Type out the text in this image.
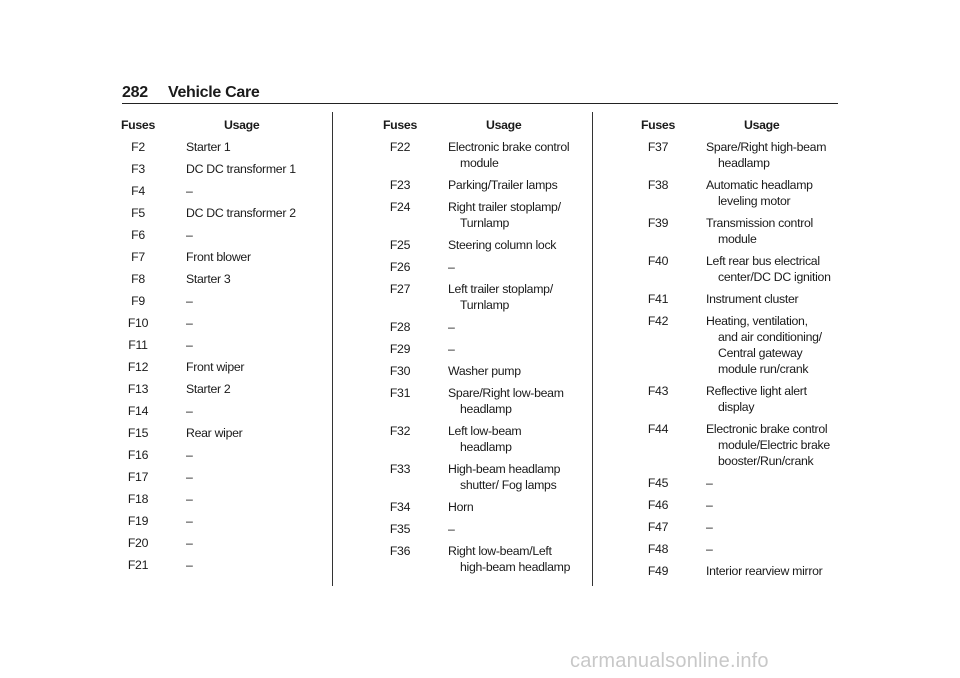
282 Vehicle Care
Fuses	Usage
F2	Starter 1
F3	DC DC transformer 1
F4	–
F5	DC DC transformer 2
F6	–
F7	Front blower
F8	Starter 3
F9	–
F10	–
F11	–
F12	Front wiper
F13	Starter 2
F14	–
F15	Rear wiper
F16	–
F17	–
F18	–
F19	–
F20	–
F21	–
Fuses	Usage
F22	Electronic brake control
module
F23	Parking/Trailer lamps
F24	Right trailer stoplamp/
Turnlamp
F25	Steering column lock
F26	–
F27	Left trailer stoplamp/
Turnlamp
F28	–
F29	–
F30	Washer pump
F31	Spare/Right low-beam
headlamp
F32	Left low-beam
headlamp
F33	High-beam headlamp
shutter/ Fog lamps
F34	Horn
F35	–
F36	Right low-beam/Left
high-beam headlamp
Fuses	Usage
F37	Spare/Right high-beam
headlamp
F38	Automatic headlamp
leveling motor
F39	Transmission control
module
F40	Left rear bus electrical
center/DC DC ignition
F41	Instrument cluster
F42	Heating, ventilation,
and air conditioning/
Central gateway
module run/crank
F43	Reflective light alert
display
F44	Electronic brake control
module/Electric brake
booster/Run/crank
F45	–
F46	–
F47	–
F48	–
F49	Interior rearview mirror
carmanualsonline.info
